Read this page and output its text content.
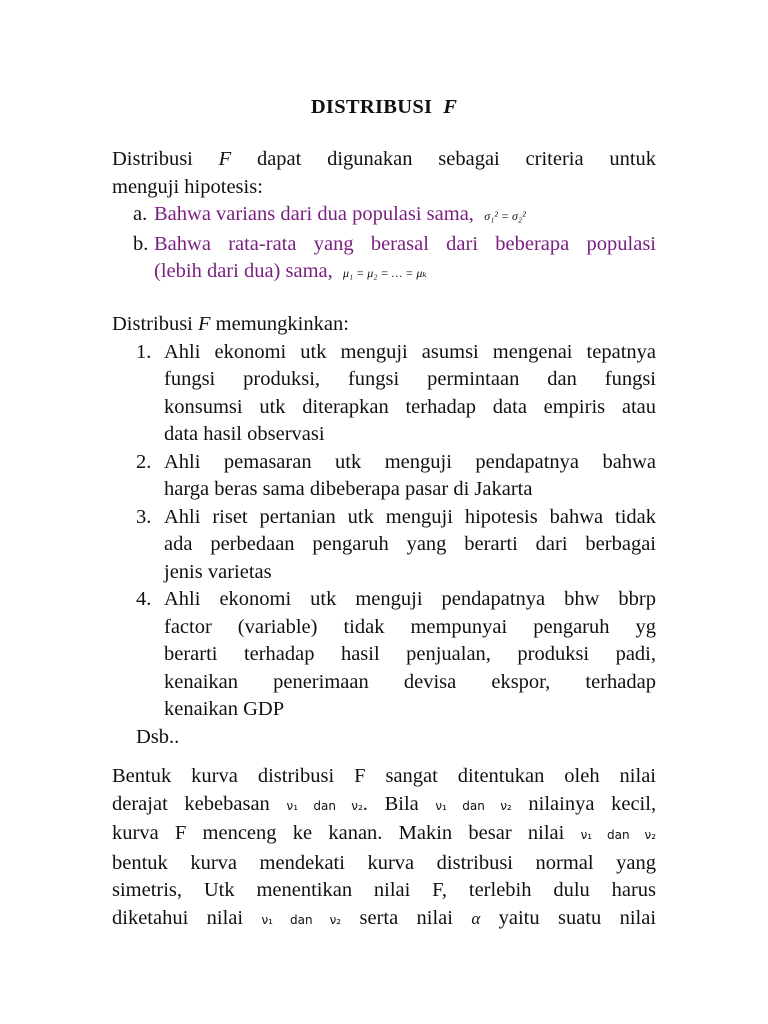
DISTRIBUSI F
Distribusi F dapat digunakan sebagai criteria untuk
menguji hipotesis:
a. Bahwa varians dari dua populasi sama, σ₁² = σ₂²
b. Bahwa rata-rata yang berasal dari beberapa populasi
(lebih dari dua) sama, μ₁ = μ₂ = … = μₖ
Distribusi F memungkinkan:
1. Ahli ekonomi utk menguji asumsi mengenai tepatnya
fungsi produksi, fungsi permintaan dan fungsi
konsumsi utk diterapkan terhadap data empiris atau
data hasil observasi
2. Ahli pemasaran utk menguji pendapatnya bahwa
harga beras sama dibeberapa pasar di Jakarta
3. Ahli riset pertanian utk menguji hipotesis bahwa tidak
ada perbedaan pengaruh yang berarti dari berbagai
jenis varietas
4. Ahli ekonomi utk menguji pendapatnya bhw bbrp
factor (variable) tidak mempunyai pengaruh yg
berarti terhadap hasil penjualan, produksi padi,
kenaikan penerimaan devisa ekspor, terhadap
kenaikan GDP
Dsb..
Bentuk kurva distribusi F sangat ditentukan oleh nilai
derajat kebebasan ν₁ dan ν₂. Bila ν₁ dan ν₂ nilainya kecil,
kurva F menceng ke kanan. Makin besar nilai ν₁ dan ν₂
bentuk kurva mendekati kurva distribusi normal yang
simetris, Utk menentikan nilai F, terlebih dulu harus
diketahui nilai ν₁ dan ν₂ serta nilai α yaitu suatu nilai
